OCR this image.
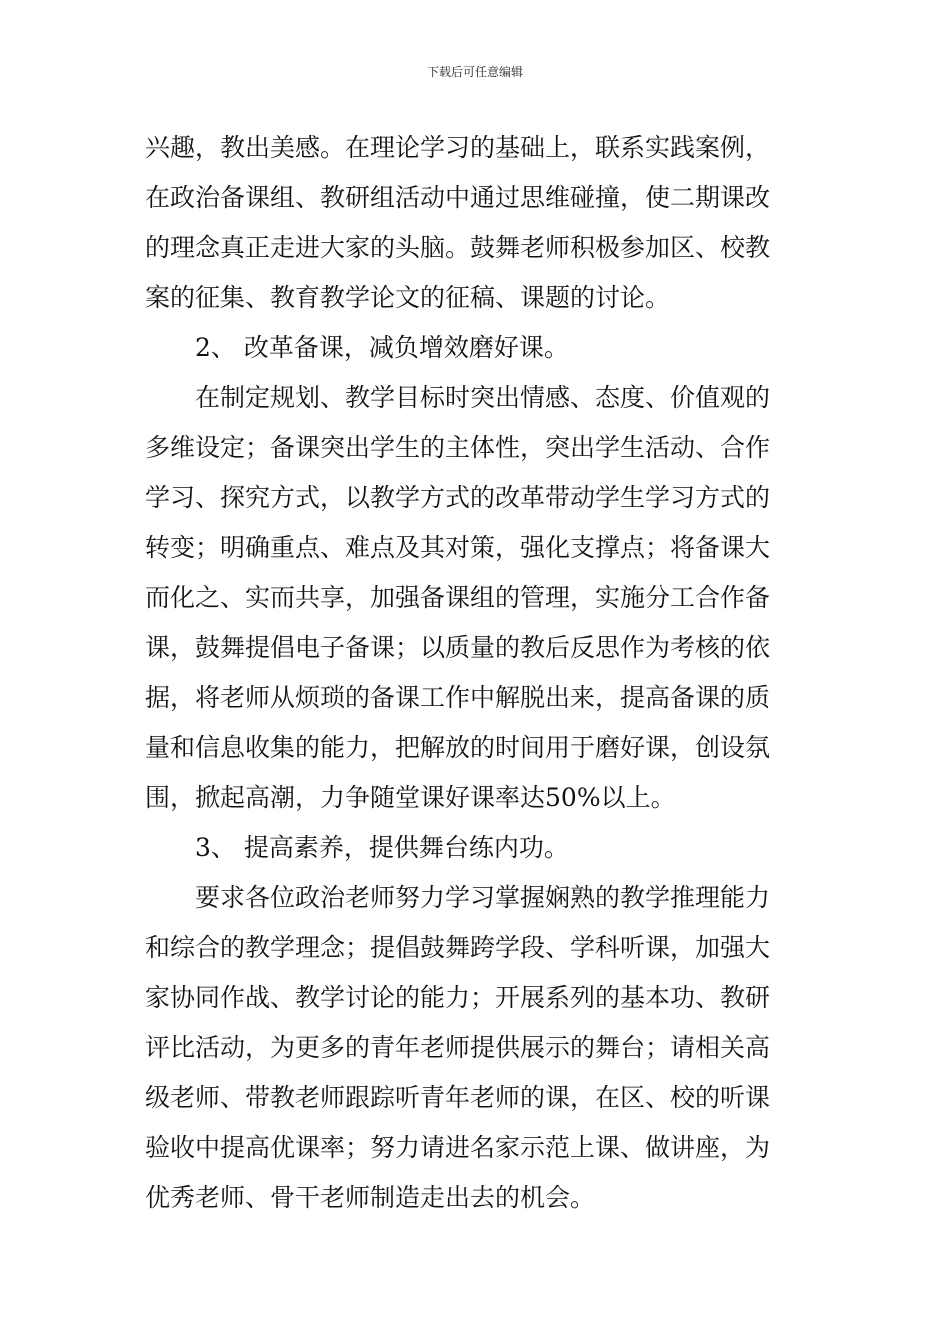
下载后可任意编辑
兴趣，教出美感。在理论学习的基础上，联系实践案例，
在政治备课组、教研组活动中通过思维碰撞，使二期课改
的理念真正走进大家的头脑。鼓舞老师积极参加区、校教
案的征集、教育教学论文的征稿、课题的讨论。
2、 改革备课，减负增效磨好课。
在制定规划、教学目标时突出情感、态度、价值观的
多维设定；备课突出学生的主体性，突出学生活动、合作
学习、探究方式，以教学方式的改革带动学生学习方式的
转变；明确重点、难点及其对策，强化支撑点；将备课大
而化之、实而共享，加强备课组的管理，实施分工合作备
课，鼓舞提倡电子备课；以质量的教后反思作为考核的依
据，将老师从烦琐的备课工作中解脱出来，提高备课的质
量和信息收集的能力，把解放的时间用于磨好课，创设氛
围，掀起高潮，力争随堂课好课率达50%以上。
3、 提高素养，提供舞台练内功。
要求各位政治老师努力学习掌握娴熟的教学推理能力
和综合的教学理念；提倡鼓舞跨学段、学科听课，加强大
家协同作战、教学讨论的能力；开展系列的基本功、教研
评比活动，为更多的青年老师提供展示的舞台；请相关高
级老师、带教老师跟踪听青年老师的课，在区、校的听课
验收中提高优课率；努力请进名家示范上课、做讲座，为
优秀老师、骨干老师制造走出去的机会。
